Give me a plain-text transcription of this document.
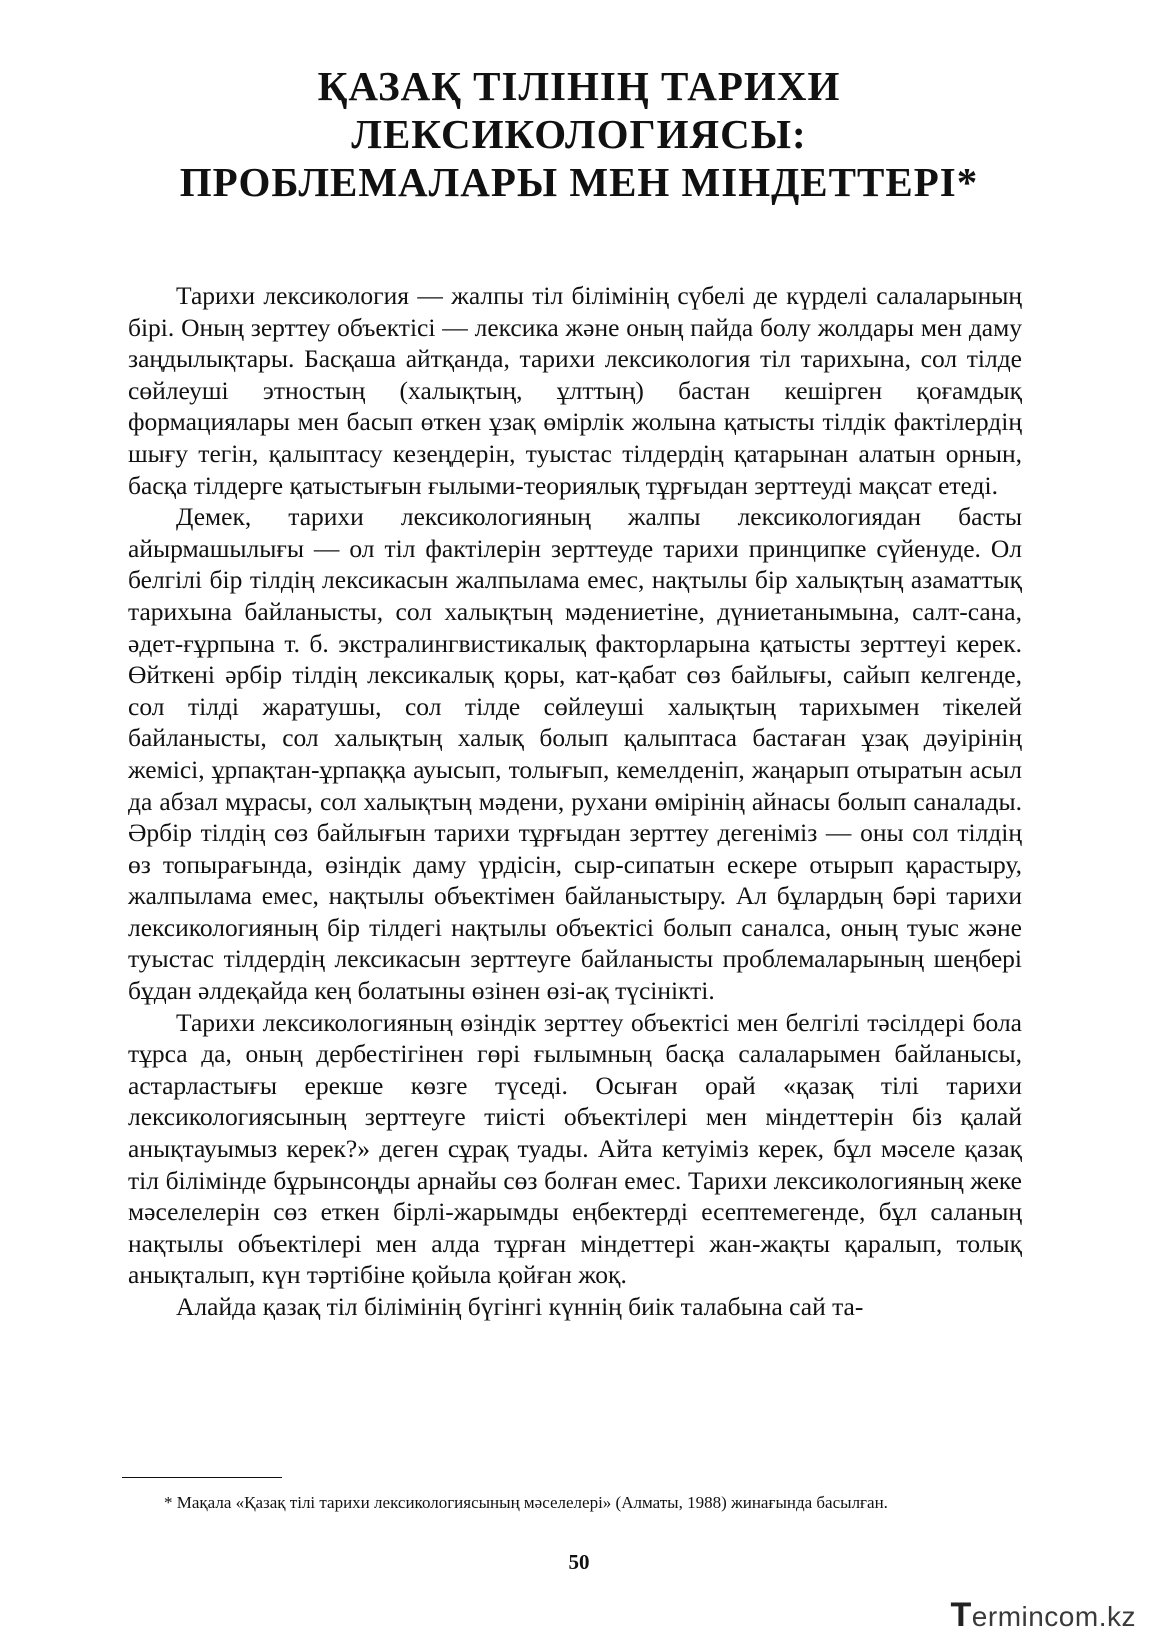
ҚАЗАҚ ТІЛІНІҢ ТАРИХИ
ЛЕКСИКОЛОГИЯСЫ:
ПРОБЛЕМАЛАРЫ МЕН МІНДЕТТЕРІ*

Тарихи лексикология — жалпы тіл білімінің сүбелі де күрделі салаларының бірі. Оның зерттеу объектісі — лексика және оның пайда болу жолдары мен даму заңдылықтары. Басқаша айтқанда, тарихи лексикология тіл тарихына, сол тілде сөйлеуші этностың (халықтың, ұлттың) бастан кешірген қоғамдық формациялары мен басып өткен ұзақ өмірлік жолына қатысты тілдік фактілердің шығу тегін, қалыптасу кезеңдерін, туыстас тілдердің қатарынан алатын орнын, басқа тілдерге қатыстығын ғылыми-теориялық тұрғыдан зерттеуді мақсат етеді.

Демек, тарихи лексикологияның жалпы лексикологиядан басты айырмашылығы — ол тіл фактілерін зерттеуде тарихи принципке сүйенуде. Ол белгілі бір тілдің лексикасын жалпылама емес, нақтылы бір халықтың азаматтық тарихына байланысты, сол халықтың мәдениетіне, дүниетанымына, салт-сана, әдет-ғұрпына т. б. экстралингвистикалық факторларына қатысты зерттеуі керек. Өйткені әрбір тілдің лексикалық қоры, кат-қабат сөз байлығы, сайып келгенде, сол тілді жаратушы, сол тілде сөйлеуші халықтың тарихымен тікелей байланысты, сол халықтың халық болып қалыптаса бастаған ұзақ дәуірінің жемісі, ұрпақтан-ұрпаққа ауысып, толығып, кемелденіп, жаңарып отыратын асыл да абзал мұрасы, сол халықтың мәдени, рухани өмірінің айнасы болып саналады. Әрбір тілдің сөз байлығын тарихи тұрғыдан зерттеу дегеніміз — оны сол тілдің өз топырағында, өзіндік даму үрдісін, сыр-сипатын ескере отырып қарастыру, жалпылама емес, нақтылы объектімен байланыстыру. Ал бұлардың бәрі тарихи лексикологияның бір тілдегі нақтылы объектісі болып саналса, оның туыс және туыстас тілдердің лексикасын зерттеуге байланысты проблемаларының шеңбері бұдан әлдеқайда кең болатыны өзінен өзі-ақ түсінікті.

Тарихи лексикологияның өзіндік зерттеу объектісі мен белгілі тәсілдері бола тұрса да, оның дербестігінен гөрі ғылымның басқа салаларымен байланысы, астарластығы ерекше көзге түседі. Осыған орай «қазақ тілі тарихи лексикологиясының зерттеуге тиісті объектілері мен міндеттерін біз қалай анықтауымыз керек?» деген сұрақ туады. Айта кетуіміз керек, бұл мәселе қазақ тіл білімінде бұрынсоңды арнайы сөз болған емес. Тарихи лексикологияның жеке мәселелерін сөз еткен бірлі-жарымды еңбектерді есептемегенде, бұл саланың нақтылы объектілері мен алда тұрған міндеттері жан-жақты қаралып, толық анықталып, күн тәртібіне қойыла қойған жоқ.

Алайда қазақ тіл білімінің бүгінгі күннің биік талабына сай та-

* Мақала «Қазақ тілі тарихи лексикологиясының мәселелері» (Алматы, 1988) жинағында басылған.
50
Termincom.kz
